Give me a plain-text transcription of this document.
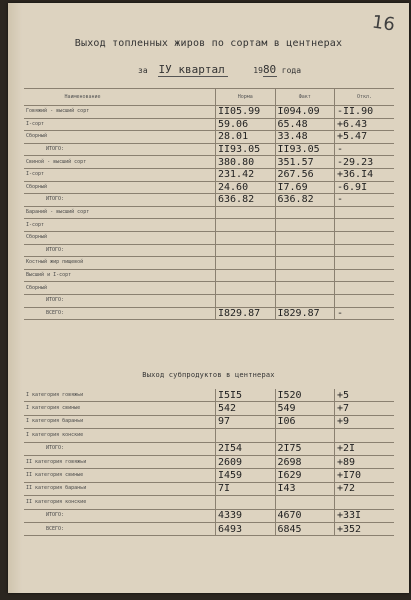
16
Выход топленных жиров по сортам в центнерах
за IУ квартал	1980 года
Наименование		Норма	Факт	Откл.
Говяжий - высший сорт		II05.99	I094.09	-II.90
I-сорт		59.06	65.48	+6.43
Сборный		28.01	33.48	+5.47
ИТОГО:		II93.05	II93.05	-
Свиной - высший сорт		380.80	351.57	-29.23
I-сорт		231.42	267.56	+36.I4
Сборный		24.60	I7.69	-6.9I
ИТОГО:		636.82	636.82	-
Бараний - высший сорт				
I-сорт				
Сборный				
ИТОГО:				
Костный жир пищевой				
Высший и I-сорт				
Сборный				
ИТОГО:				
ВСЕГО:		I829.87	I829.87	-
Выход субпродуктов в центнерах
I категория говяжьи		I5I5	I520	+5
I категория свиные		542	549	+7
I категория бараньи		97	I06	+9
I категория конские				
ИТОГО:		2I54	2I75	+2I
II категория говяжьи		2609	2698	+89
II категория свиные		I459	I629	+I70
II категория бараньи		7I	I43	+72
II категория конские				
ИТОГО:		4339	4670	+33I
ВСЕГО:		6493	6845	+352
